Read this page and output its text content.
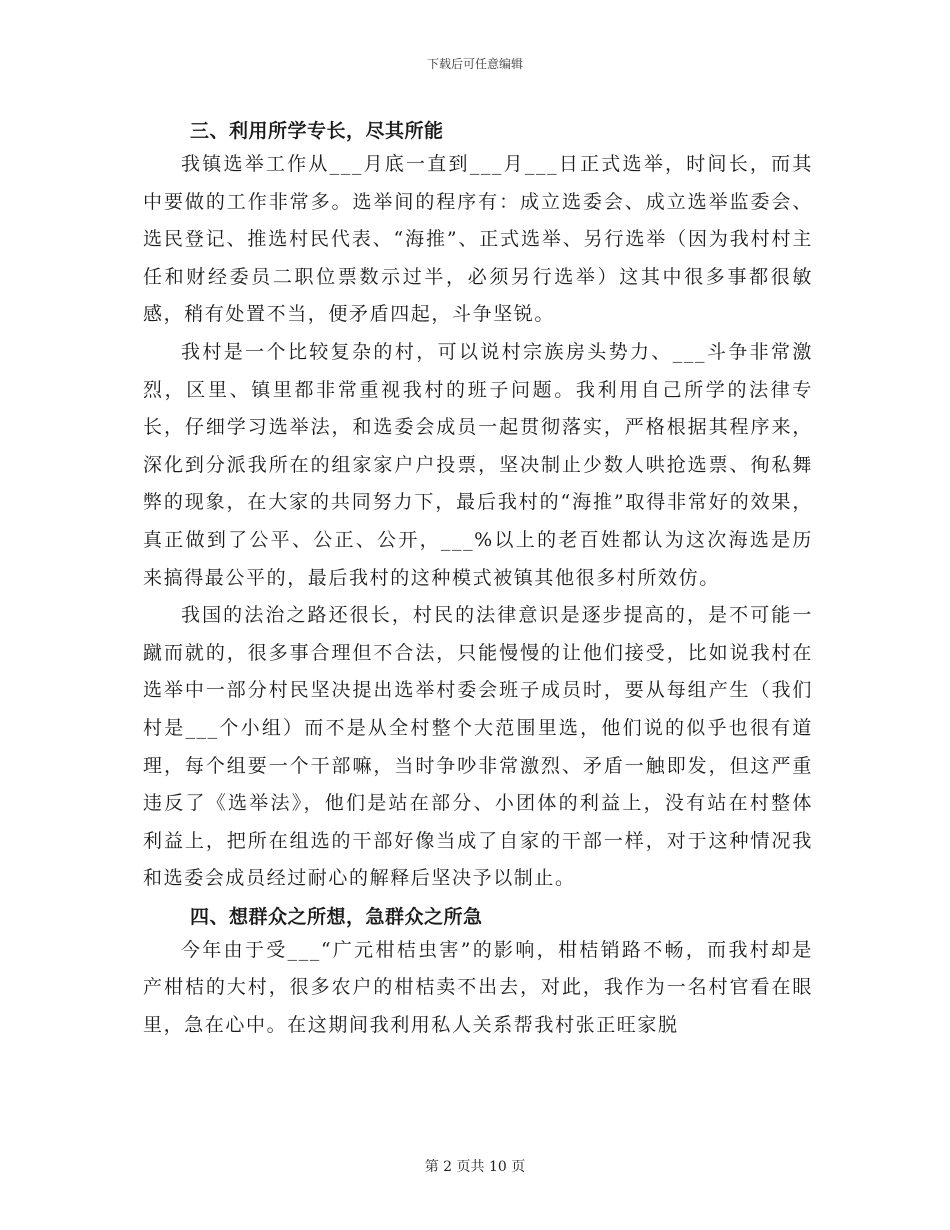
下载后可任意编辑
三、利用所学专长，尽其所能

我镇选举工作从___月底一直到___月___日正式选举，时间长，而其中要做的工作非常多。选举间的程序有：成立选委会、成立选举监委会、选民登记、推选村民代表、“海推”、正式选举、另行选举（因为我村村主任和财经委员二职位票数示过半，必须另行选举）这其中很多事都很敏感，稍有处置不当，便矛盾四起，斗争坚锐。

我村是一个比较复杂的村，可以说村宗族房头势力、___斗争非常激烈，区里、镇里都非常重视我村的班子问题。我利用自己所学的法律专长，仔细学习选举法，和选委会成员一起贯彻落实，严格根据其程序来，深化到分派我所在的组家家户户投票，坚决制止少数人哄抢选票、徇私舞弊的现象，在大家的共同努力下，最后我村的“海推”取得非常好的效果，真正做到了公平、公正、公开，___%以上的老百姓都认为这次海选是历来搞得最公平的，最后我村的这种模式被镇其他很多村所效仿。

我国的法治之路还很长，村民的法律意识是逐步提高的，是不可能一蹴而就的，很多事合理但不合法，只能慢慢的让他们接受，比如说我村在选举中一部分村民坚决提出选举村委会班子成员时，要从每组产生（我们村是___个小组）而不是从全村整个大范围里选，他们说的似乎也很有道理，每个组要一个干部嘛，当时争吵非常激烈、矛盾一触即发，但这严重违反了《选举法》，他们是站在部分、小团体的利益上，没有站在村整体利益上，把所在组选的干部好像当成了自家的干部一样，对于这种情况我和选委会成员经过耐心的解释后坚决予以制止。

四、想群众之所想，急群众之所急

今年由于受___“广元柑桔虫害”的影响，柑桔销路不畅，而我村却是产柑桔的大村，很多农户的柑桔卖不出去，对此，我作为一名村官看在眼里，急在心中。在这期间我利用私人关系帮我村张正旺家脱

第 2 页共 10 页
